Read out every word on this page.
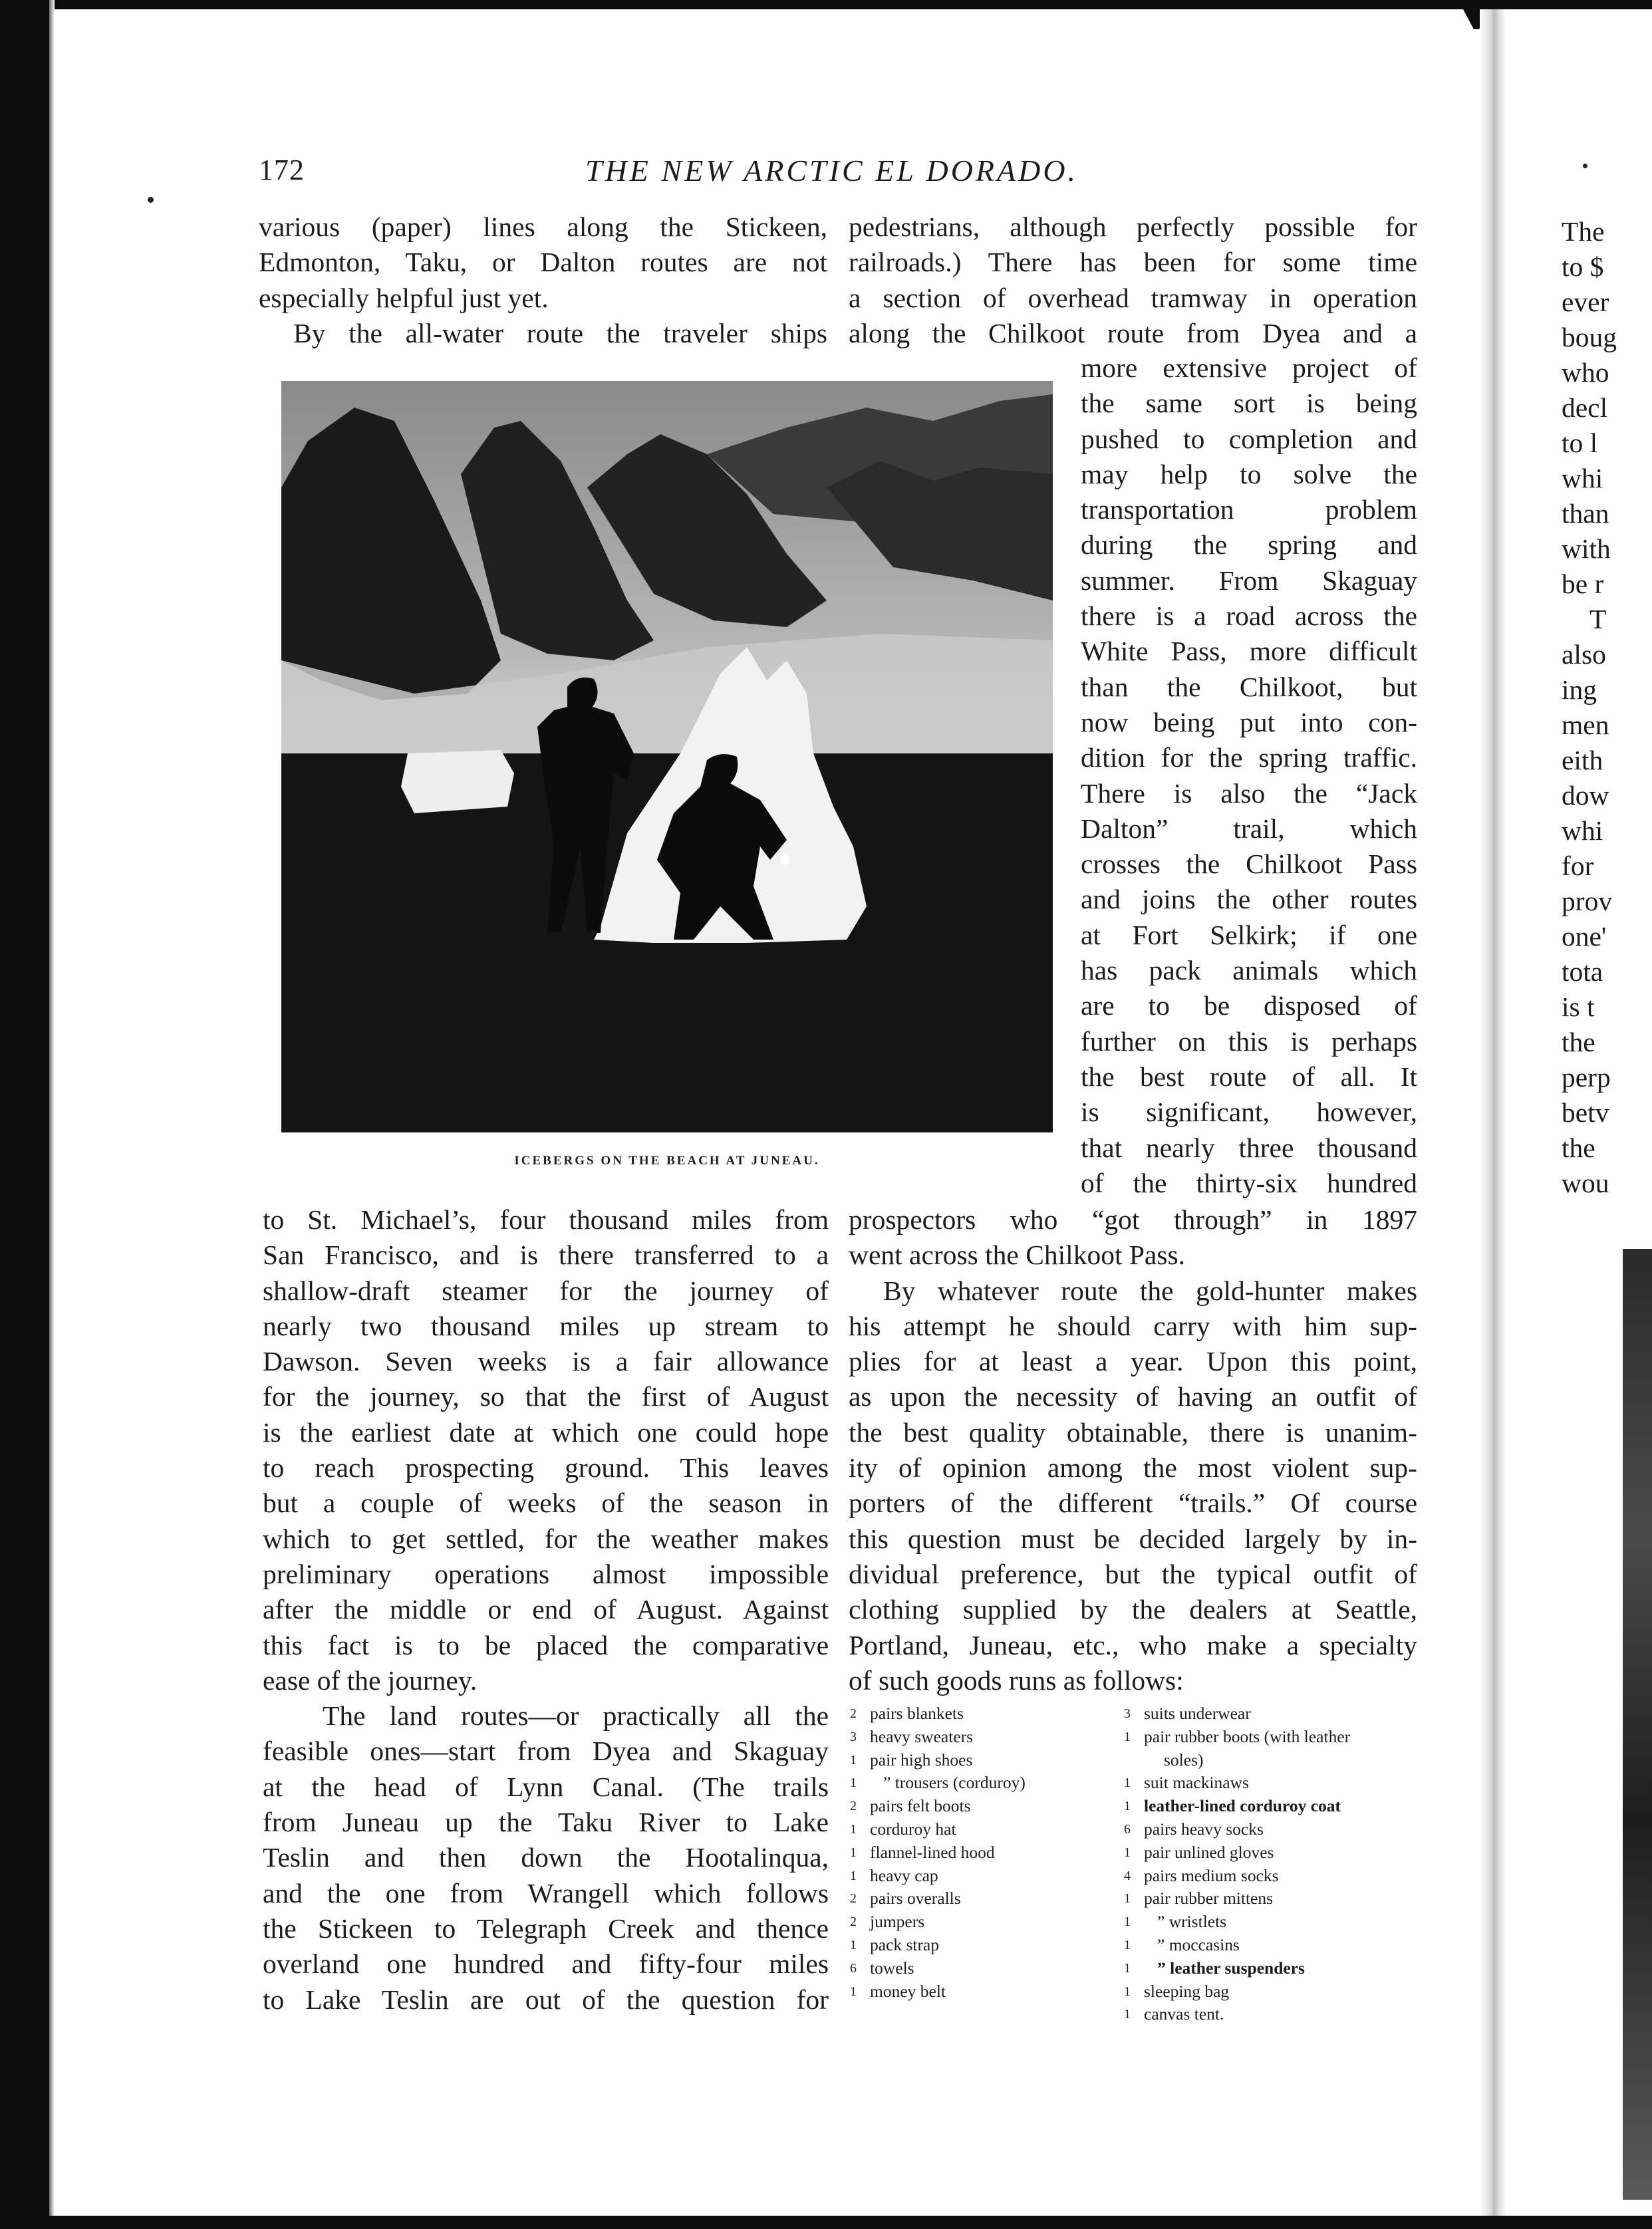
172	THE NEW ARCTIC EL DORADO.

various (paper) lines along the Stickeen,

Edmonton, Taku, or Dalton routes are not

especially helpful just yet.

By the all-water route the traveler ships

pedestrians, although perfectly possible for

railroads.) There has been for some time

a section of overhead tramway in operation

along the Chilkoot route from Dyea and a

ICEBERGS ON THE BEACH AT JUNEAU.

more extensive project of

the same sort is being

pushed to completion and

may help to solve the

transportation problem

during the spring and

summer. From Skaguay

there is a road across the

White Pass, more difficult

than the Chilkoot, but

now being put into con-

dition for the spring traffic.

There is also the “Jack

Dalton” trail, which

crosses the Chilkoot Pass

and joins the other routes

at Fort Selkirk; if one

has pack animals which

are to be disposed of

further on this is perhaps

the best route of all. It

is significant, however,

that nearly three thousand

of the thirty-six hundred

to St. Michael’s, four thousand miles from

San Francisco, and is there transferred to a

shallow-draft steamer for the journey of

nearly two thousand miles up stream to

Dawson. Seven weeks is a fair allowance

for the journey, so that the first of August

is the earliest date at which one could hope

to reach prospecting ground. This leaves

but a couple of weeks of the season in

which to get settled, for the weather makes

preliminary operations almost impossible

after the middle or end of August. Against

this fact is to be placed the comparative

ease of the journey.

The land routes—or practically all the

feasible ones—start from Dyea and Skaguay

at the head of Lynn Canal. (The trails

from Juneau up the Taku River to Lake

Teslin and then down the Hootalinqua,

and the one from Wrangell which follows

the Stickeen to Telegraph Creek and thence

overland one hundred and fifty-four miles

to Lake Teslin are out of the question for

prospectors who “got through” in 1897

went across the Chilkoot Pass.

By whatever route the gold-hunter makes

his attempt he should carry with him sup-

plies for at least a year. Upon this point,

as upon the necessity of having an outfit of

the best quality obtainable, there is unanim-

ity of opinion among the most violent sup-

porters of the different “trails.” Of course

this question must be decided largely by in-

dividual preference, but the typical outfit of

clothing supplied by the dealers at Seattle,

Portland, Juneau, etc., who make a specialty

of such goods runs as follows:

2 pairs blankets
3 heavy sweaters
1 pair high shoes
1	” trousers (corduroy)
2 pairs felt boots
1 corduroy hat
1 flannel-lined hood
1 heavy cap
2 pairs overalls
2 jumpers
1 pack strap
6 towels
1 money belt
3 suits underwear
1 pair rubber boots (with leather
soles)
1 suit mackinaws
1 leather-lined corduroy coat
6 pairs heavy socks
1 pair unlined gloves
4 pairs medium socks
1 pair rubber mittens
1	” wristlets
1	” moccasins
1	” leather suspenders
1 sleeping bag
1 canvas tent.
The
to $
ever
boug
who
decl
to l
whi
than
with
be r
T
also
ing
men
eith
dow
whi
for
prov
one'
tota
is t
the
perp
betv
the
wou
